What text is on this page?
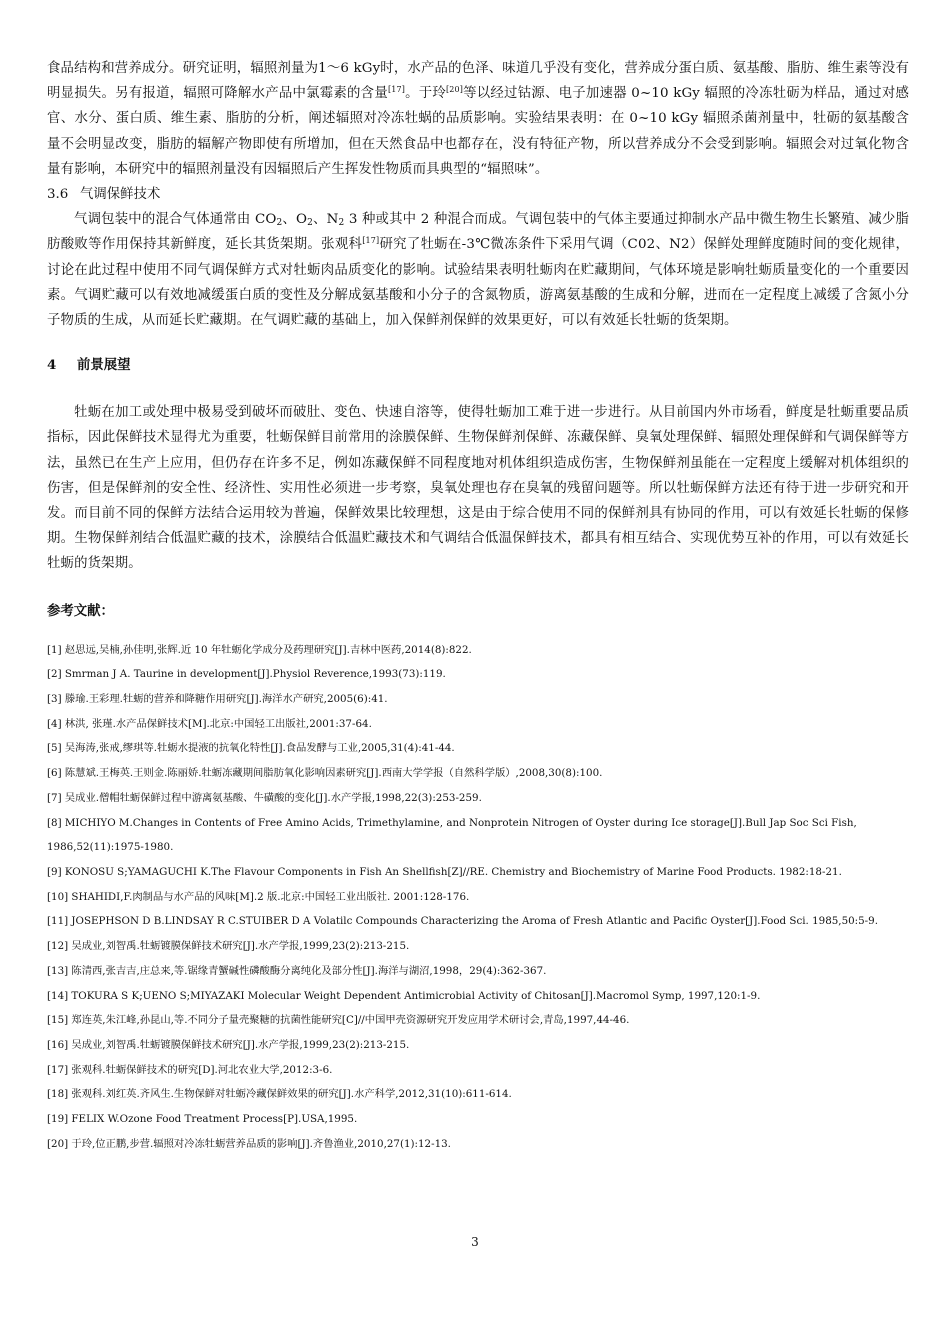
食品结构和营养成分。研究证明，辐照剂量为1～6 kGy时，水产品的色泽、味道几乎没有变化，营养成分蛋白质、氨基酸、脂肪、维生素等没有明显损失。另有报道，辐照可降解水产品中氯霉素的含量[17]。于玲[20]等以经过钴源、电子加速器 0~10 kGy 辐照的冷冻牡砺为样品，通过对感官、水分、蛋白质、维生素、脂肪的分析，阐述辐照对冷冻牡蜗的品质影响。实验结果表明：在 0~10 kGy 辐照杀菌剂量中，牡砺的氨基酸含量不会明显改变，脂肪的辐解产物即使有所增加，但在天然食品中也都存在，没有特征产物，所以营养成分不会受到影响。辐照会对过氧化物含量有影响，本研究中的辐照剂量没有因辐照后产生挥发性物质而具典型的“辐照味”。

3.6 气调保鲜技术

气调包装中的混合气体通常由 $CO_2$、$O_2$、$N_2$ 3 种或其中 2 种混合而成。气调包装中的气体主要通过抑制水产品中微生物生长繁殖、减少脂肪酸败等作用保持其新鲜度，延长其货架期。张观科[17]研究了牡蛎在-3℃微冻条件下采用气调（C02、N2）保鲜处理鲜度随时间的变化规律，讨论在此过程中使用不同气调保鲜方式对牡蛎肉品质变化的影响。试验结果表明牡蛎肉在贮藏期间，气体环境是影响牡蛎质量变化的一个重要因素。气调贮藏可以有效地减缓蛋白质的变性及分解成氨基酸和小分子的含氮物质，游离氨基酸的生成和分解，进而在一定程度上减缓了含氮小分子物质的生成，从而延长贮藏期。在气调贮藏的基础上，加入保鲜剂保鲜的效果更好，可以有效延长牡蛎的货架期。

4 前景展望

牡蛎在加工或处理中极易受到破坏而破肚、变色、快速自溶等，使得牡蛎加工难于进一步进行。从目前国内外市场看，鲜度是牡蛎重要品质指标，因此保鲜技术显得尤为重要，牡蛎保鲜目前常用的涂膜保鲜、生物保鲜剂保鲜、冻藏保鲜、臭氧处理保鲜、辐照处理保鲜和气调保鲜等方法，虽然已在生产上应用，但仍存在许多不足，例如冻藏保鲜不同程度地对机体组织造成伤害，生物保鲜剂虽能在一定程度上缓解对机体组织的伤害，但是保鲜剂的安全性、经济性、实用性必须进一步考察，臭氧处理也存在臭氧的残留问题等。所以牡蛎保鲜方法还有待于进一步研究和开发。而目前不同的保鲜方法结合运用较为普遍，保鲜效果比较理想，这是由于综合使用不同的保鲜剂具有协同的作用，可以有效延长牡蛎的保修期。生物保鲜剂结合低温贮藏的技术，涂膜结合低温贮藏技术和气调结合低温保鲜技术，都具有相互结合、实现优势互补的作用，可以有效延长牡蛎的货架期。

参考文献：
[1] 赵思远,吴楠,孙佳明,张辉.近 10 年牡蛎化学成分及药理研究[J].吉林中医药,2014(8):822.
[2] Smrman J A. Taurine in development[J].Physiol Reverence,1993(73):119.
[3] 滕瑜.王彩理.牡蛎的营养和降糖作用研究[J].海洋水产研究,2005(6):41.
[4] 林洪, 张瑾.水产品保鲜技术[M].北京:中国轻工出版社,2001:37-64.
[5] 吴海涛,张戒,缪琪等.牡蛎水提液的抗氧化特性[J].食品发酵与工业,2005,31(4):41-44.
[6] 陈慧斌.王梅英.王则金.陈丽娇.牡蛎冻藏期间脂肪氧化影响因素研究[J].西南大学学报（自然科学版）,2008,30(8):100.
[7] 吴成业.僧帽牡蛎保鲜过程中游离氨基酸、牛磺酸的变化[J].水产学报,1998,22(3):253-259.
[8] MICHIYO M.Changes in Contents of Free Amino Acids, Trimethylamine, and Nonprotein Nitrogen of Oyster during Ice storage[J].Bull Jap Soc Sci Fish, 1986,52(11):1975-1980.
[9] KONOSU S;YAMAGUCHI K.The Flavour Components in Fish An Shellfish[Z]//RE. Chemistry and Biochemistry of Marine Food Products. 1982:18-21.
[10] SHAHIDI,F.肉制品与水产品的风味[M].2 版.北京:中国轻工业出版社. 2001:128-176.
[11] JOSEPHSON D B.LINDSAY R C.STUIBER D A Volatilc Compounds Characterizing the Aroma of Fresh Atlantic and Pacific Oyster[J].Food Sci. 1985,50:5-9.
[12] 吴成业,刘智禹.牡蛎镀膜保鲜技术研究[J].水产学报,1999,23(2):213-215.
[13] 陈清西,张吉吉,庄总来,等.锯缘青蟹碱性磷酸酶分离纯化及部分性[J].海洋与湖沼,1998，29(4):362-367.
[14] TOKURA S K;UENO S;MIYAZAKI Molecular Weight Dependent Antimicrobial Activity of Chitosan[J].Macromol Symp, 1997,120:1-9.
[15] 郑连英,朱江峰,孙昆山,等.不同分子量壳聚糖的抗菌性能研究[C]//中国甲壳资源研究开发应用学术研讨会,青岛,1997,44-46.
[16] 吴成业,刘智禹.牡蛎镀膜保鲜技术研究[J].水产学报,1999,23(2):213-215.
[17] 张观科.牡蛎保鲜技术的研究[D].河北农业大学,2012:3-6.
[18] 张观科.刘红英.齐风生.生物保鲜对牡蛎冷藏保鲜效果的研究[J].水产科学,2012,31(10):611-614.
[19] FELIX W.Ozone Food Treatment Process[P].USA,1995.
[20] 于玲,位正鹏,步营.辐照对冷冻牡蛎营养品质的影响[J].齐鲁渔业,2010,27(1):12-13.
3
